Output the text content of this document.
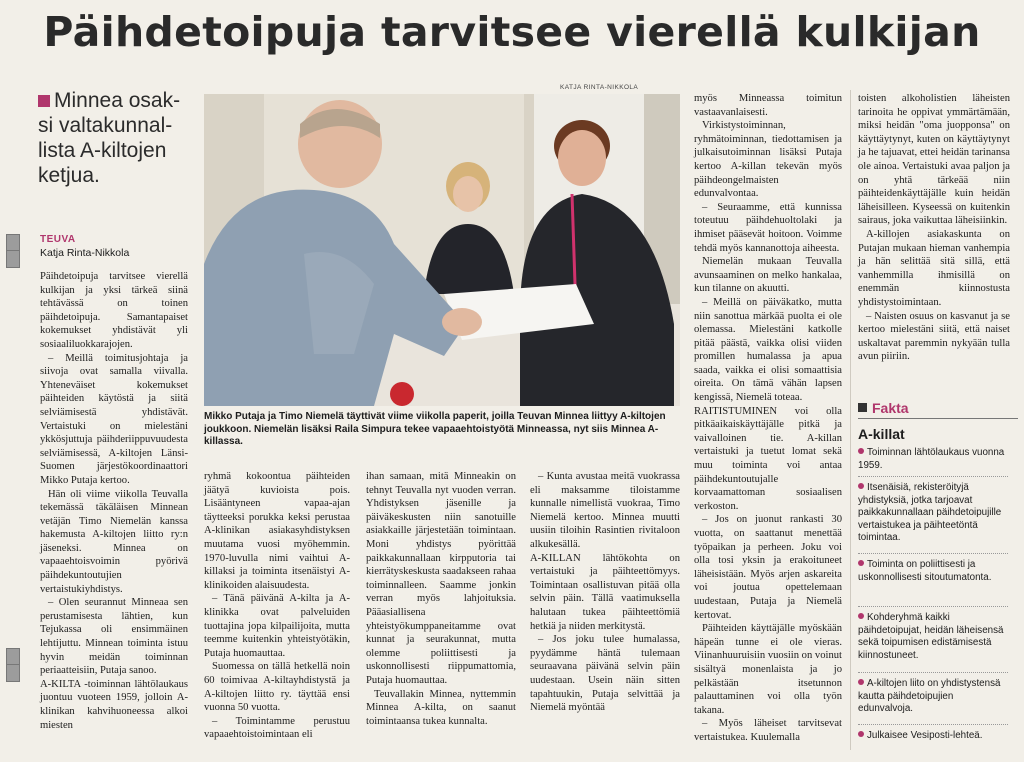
Päihdetoipuja tarvitsee vierellä kulkijan
Minnea osak-
si valtakunnal-
lista A-kiltojen
ketjua.
TEUVA
Katja Rinta-Nikkola

Päihdetoipuja tarvitsee vierellä kulkijan ja yksi tärkeä siinä tehtävässä on toinen päihdetoipuja. Samantapaiset kokemukset yhdistävät yli sosiaaliluokkarajojen.

– Meillä toimitusjohtaja ja siivoja ovat samalla viivalla. Yhteneväiset kokemukset päihteiden käytöstä ja siitä selviämisestä yhdistävät. Vertaistuki on mielestäni ykkösjuttuja päihderiippuvuudesta selviämisessä, A-kiltojen Länsi-Suomen järjestökoordinaattori Mikko Putaja kertoo.

Hän oli viime viikolla Teuvalla tekemässä täkäläisen Minnean vetäjän Timo Niemelän kanssa hakemusta A-kiltojen liitto ry:n jäseneksi. Minnea on vapaaehtoisvoimin pyörivä päihdekuntoutujien vertaistukiyhdistys.

– Olen seurannut Minneaa sen perustamisesta lähtien, kun Tejukassa oli ensimmäinen lehtijuttu. Minnean toiminta istuu hyvin meidän toiminnan periaatteisiin, Putaja sanoo.

A-KILTA -toiminnan lähtölaukaus juontuu vuoteen 1959, jolloin A-klinikan kahvihuoneessa alkoi miesten

KATJA RINTA-NIKKOLA
Mikko Putaja ja Timo Niemelä täyttivät viime viikolla paperit, joilla Teuvan Minnea liittyy A-kiltojen joukkoon. Niemelän lisäksi Raila Simpura tekee vapaaehtoistyötä Minneassa, nyt siis Minnea A-killassa.

ryhmä kokoontua päihteiden jäätyä kuvioista pois. Lisääntyneen vapaa-ajan täytteeksi porukka keksi perustaa A-klinikan asiakasyhdistyksen muutama vuosi myöhemmin. 1970-luvulla nimi vaihtui A-killaksi ja toiminta itsenäistyi A-klinikoiden alaisuudesta.

– Tänä päivänä A-kilta ja A-klinikka ovat palveluiden tuottajina jopa kilpailijoita, mutta teemme kuitenkin yhteistyötäkin, Putaja huomauttaa.

Suomessa on tällä hetkellä noin 60 toimivaa A-kiltayhdistystä ja A-kiltojen liitto ry. täyttää ensi vuonna 50 vuotta.

– Toimintamme perustuu vapaaehtoistoimintaan eli

ihan samaan, mitä Minneakin on tehnyt Teuvalla nyt vuoden verran. Yhdistyksen jäsenille ja päiväkeskusten niin sanotuille asiakkaille järjestetään toimintaan. Moni yhdistys pyörittää paikkakunnallaan kirpputoria tai kierrätyskeskusta saadakseen rahaa toiminnalleen. Saamme jonkin verran myös lahjoituksia. Pääasiallisena yhteistyökumppaneitamme ovat kunnat ja seurakunnat, mutta olemme poliittisesti ja uskonnollisesti riippumattomia, Putaja huomauttaa.

Teuvallakin Minnea, nyttemmin Minnea A-kilta, on saanut toimintaansa tukea kunnalta.

– Kunta avustaa meitä vuokrassa eli maksamme tiloistamme kunnalle nimellistä vuokraa, Timo Niemelä kertoo. Minnea muutti uusiin tiloihin Rasintien rivitaloon alkukesällä.

A-KILLAN lähtökohta on vertaistuki ja päihteettömyys. Toimintaan osallistuvan pitää olla selvin päin. Tällä vaatimuksella halutaan tukea päihteettömiä hetkiä ja niiden merkitystä.

– Jos joku tulee humalassa, pyydämme häntä tulemaan seuraavana päivänä selvin päin uudestaan. Usein näin sitten tapahtuukin, Putaja selvittää ja Niemelä myöntää

myös Minneassa toimitun vastaavanlaisesti.

Virkistystoiminnan, ryhmätoiminnan, tiedottamisen ja julkaisutoiminnan lisäksi Putaja kertoo A-killan tekevän myös päihdeongelmaisten edunvalvontaa.

– Seuraamme, että kunnissa toteutuu päihdehuoltolaki ja ihmiset pääsevät hoitoon. Voimme tehdä myös kannanottoja aiheesta.

Niemelän mukaan Teuvalla avunsaaminen on melko hankalaa, kun tilanne on akuutti.

– Meillä on päiväkatko, mutta niin sanottua märkää puolta ei ole olemassa. Mielestäni katkolle pitää päästä, vaikka olisi viiden promillen humalassa ja apua saada, vaikka ei olisi somaattisia oireita. On tämä vähän lapsen kengissä, Niemelä toteaa.

RAITISTUMINEN voi olla pitkäaikaiskäyttäjälle pitkä ja vaivalloinen tie. A-killan vertaistuki ja tuetut lomat sekä muu toiminta voi antaa päihdekuntoutujalle korvaamattoman sosiaalisen verkoston.

– Jos on juonut rankasti 30 vuotta, on saattanut menettää työpaikan ja perheen. Joku voi olla tosi yksin ja erakoituneet läheisistään. Myös arjen askareita voi joutua opettelemaan uudestaan, Putaja ja Niemelä kertovat.

Päihteiden käyttäjälle myöskään häpeän tunne ei ole vieras. Viinanhuuruisiin vuosiin on voinut sisältyä monenlaista ja jo pelkästään itsetunnon palauttaminen voi olla työn takana.

– Myös läheiset tarvitsevat vertaistukea. Kuulemalla

toisten alkoholistien läheisten tarinoita he oppivat ymmärtämään, miksi heidän "oma juopponsa" on käyttäytynyt, kuten on käyttäytynyt ja he tajuavat, ettei heidän tarinansa ole ainoa. Vertaistuki avaa paljon ja on yhtä tärkeää niin päihteidenkäyttäjälle kuin heidän läheisilleen. Kyseessä on kuitenkin sairaus, joka vaikuttaa läheisiinkin.

A-killojen asiakaskunta on Putajan mukaan hieman vanhempia ja hän selittää sitä sillä, että vanhemmilla ihmisillä on enemmän kiinnostusta yhdistystoimintaan.

– Naisten osuus on kasvanut ja se kertoo mielestäni siitä, että naiset uskaltavat paremmin nykyään tulla avun piiriin.

Fakta
A-killat
Toiminnan lähtölaukaus vuonna 1959.
Itsenäisiä, rekisteröityjä yhdistyksiä, jotka tarjoavat paikkakunnallaan päihdetoipujille vertaistukea ja päihteetöntä toimintaa.
Toiminta on poliittisesti ja uskonnollisesti sitoutumatonta.
Kohderyhmä kaikki päihdetoipujat, heidän läheisensä sekä toipumisen edistämisestä kiinnostuneet.
A-kiltojen liito on yhdistystensä kautta päihdetoipujien edunvalvoja.
Julkaisee Vesiposti-lehteä.
